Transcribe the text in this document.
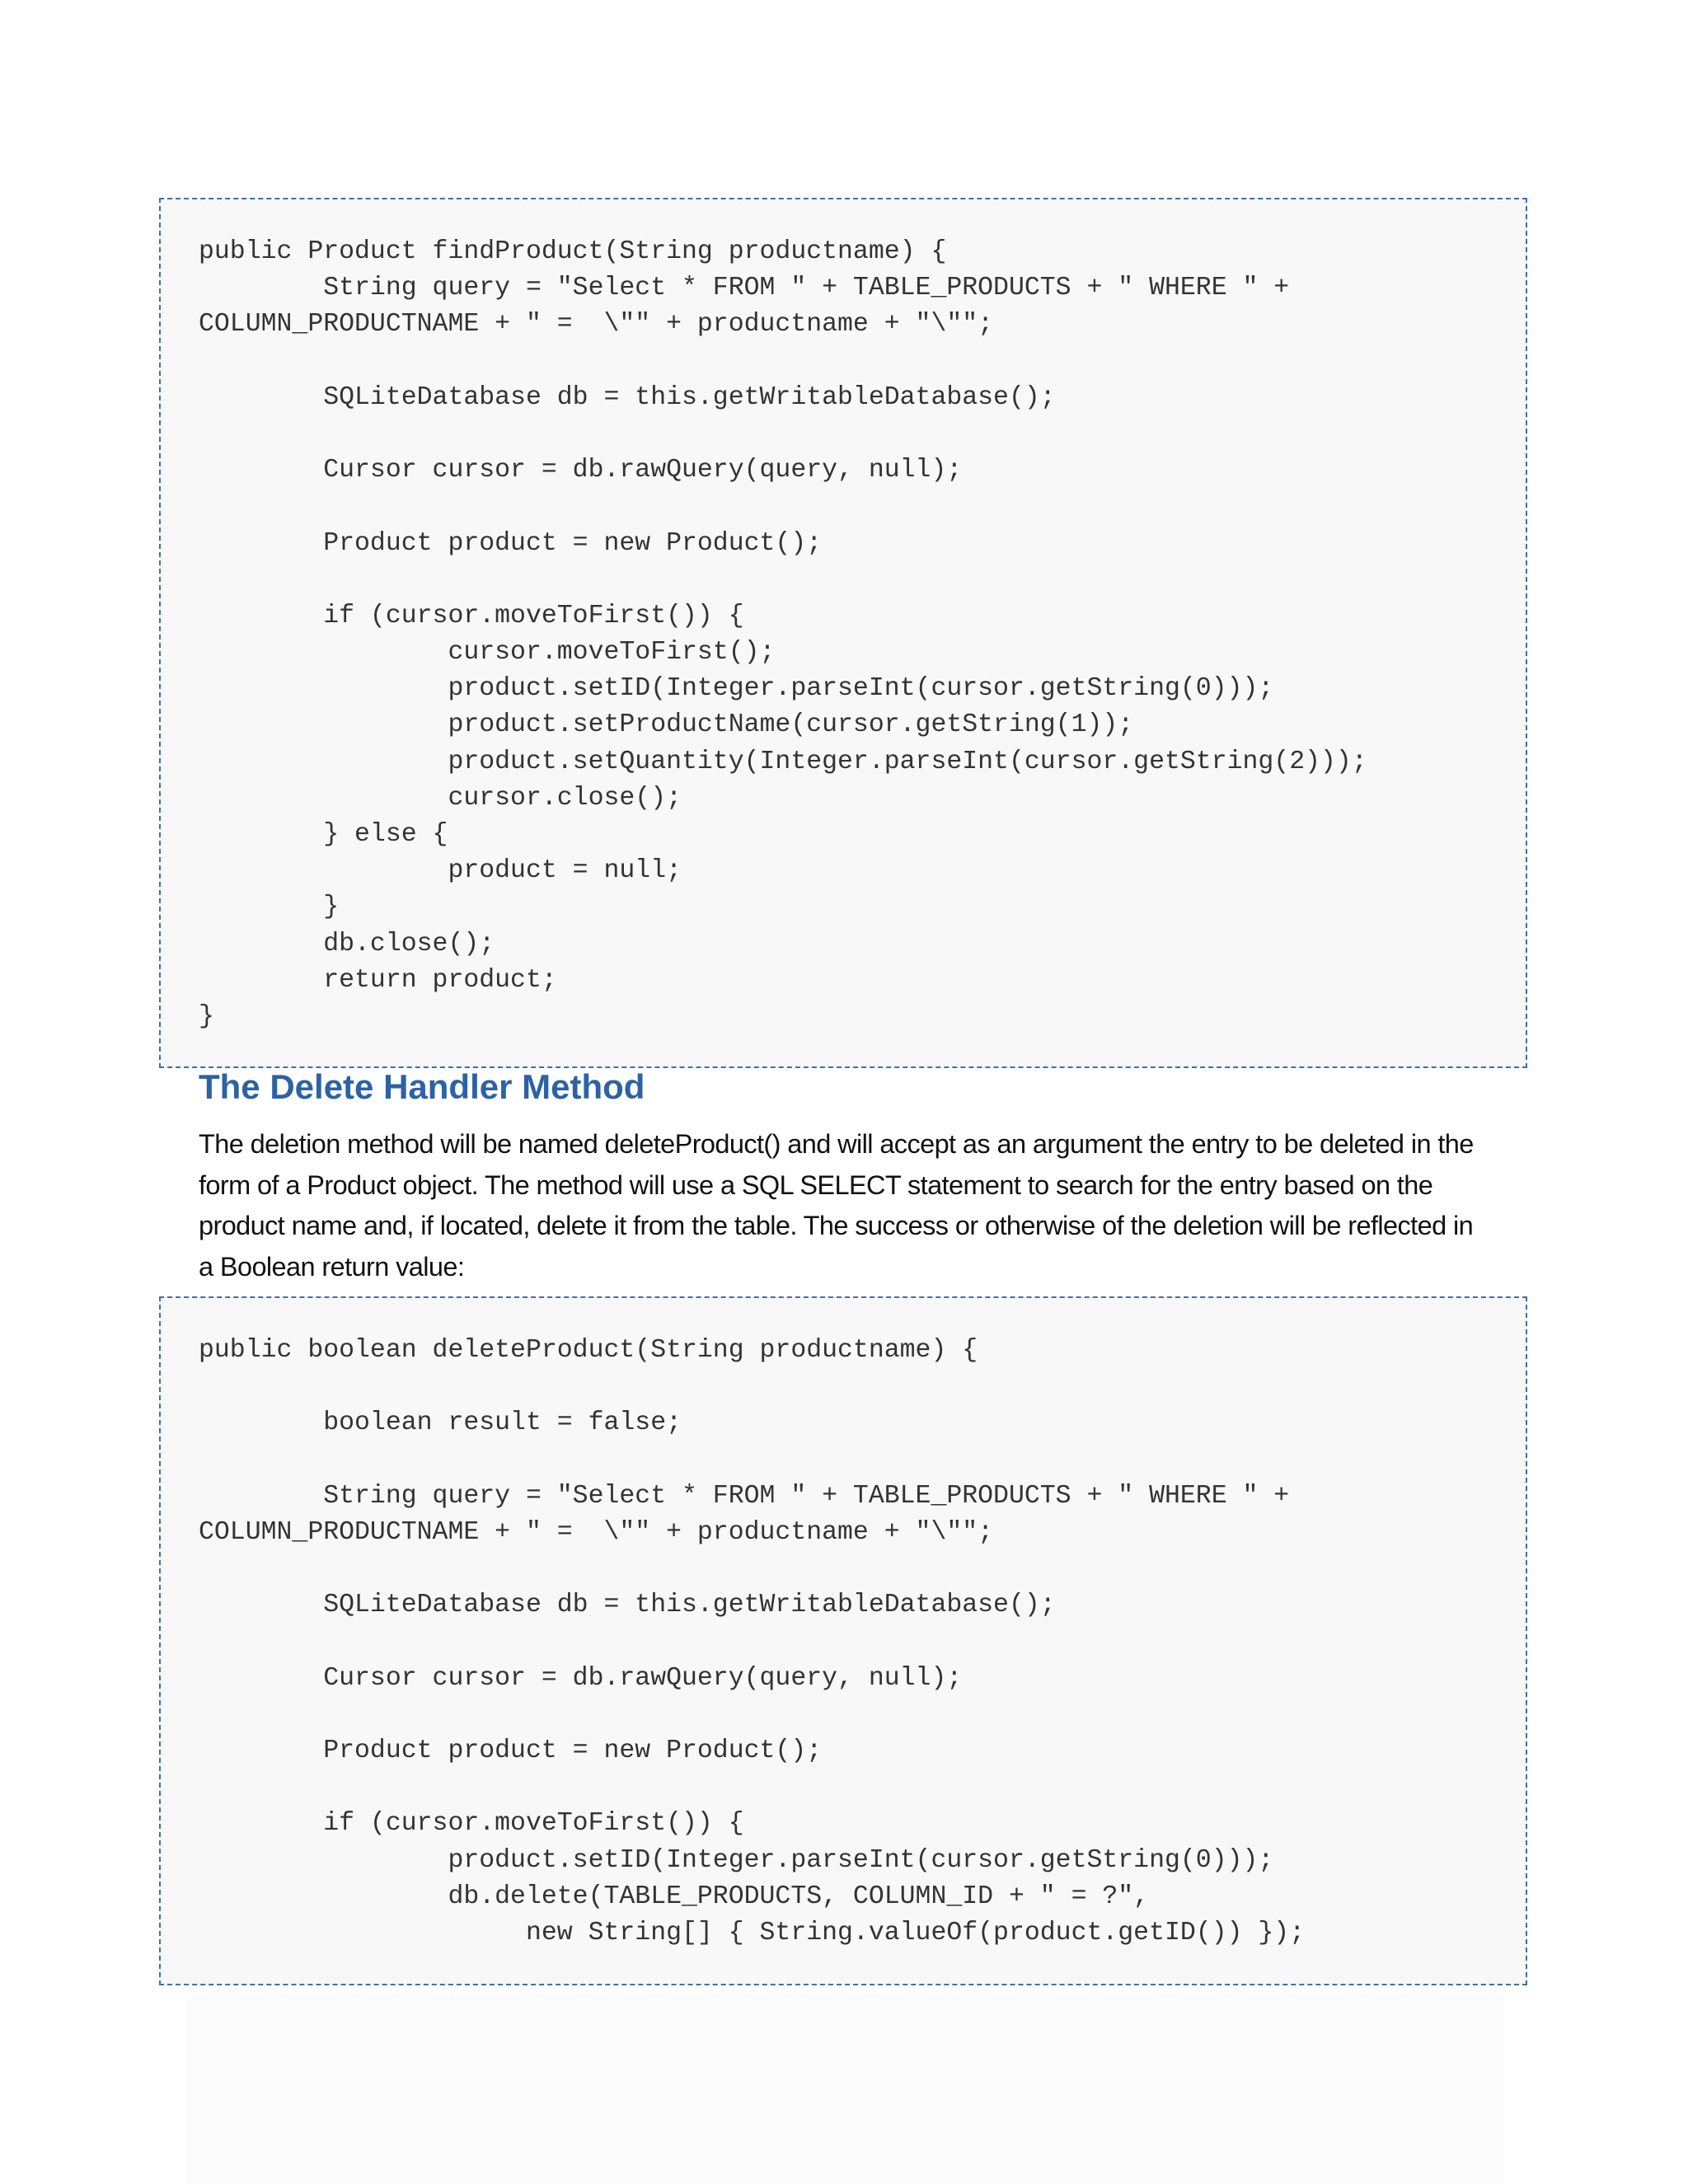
public Product findProduct(String productname) {
String query = "Select * FROM " + TABLE_PRODUCTS + " WHERE " +
COLUMN_PRODUCTNAME + " =  \"" + productname + "\"";
SQLiteDatabase db = this.getWritableDatabase();
Cursor cursor = db.rawQuery(query, null);
Product product = new Product();
if (cursor.moveToFirst()) {
cursor.moveToFirst();
product.setID(Integer.parseInt(cursor.getString(0)));
product.setProductName(cursor.getString(1));
product.setQuantity(Integer.parseInt(cursor.getString(2)));
cursor.close();
} else {
product = null;
}
db.close();
return product;
}
The Delete Handler Method

The deletion method will be named deleteProduct() and will accept as an argument the entry to be deleted in the form of a Product object. The method will use a SQL SELECT statement to search for the entry based on the product name and, if located, delete it from the table. The success or otherwise of the deletion will be reflected in a Boolean return value:

public boolean deleteProduct(String productname) {
boolean result = false;
String query = "Select * FROM " + TABLE_PRODUCTS + " WHERE " +
COLUMN_PRODUCTNAME + " =  \"" + productname + "\"";
SQLiteDatabase db = this.getWritableDatabase();
Cursor cursor = db.rawQuery(query, null);
Product product = new Product();
if (cursor.moveToFirst()) {
product.setID(Integer.parseInt(cursor.getString(0)));
db.delete(TABLE_PRODUCTS, COLUMN_ID + " = ?",
new String[] { String.valueOf(product.getID()) });
